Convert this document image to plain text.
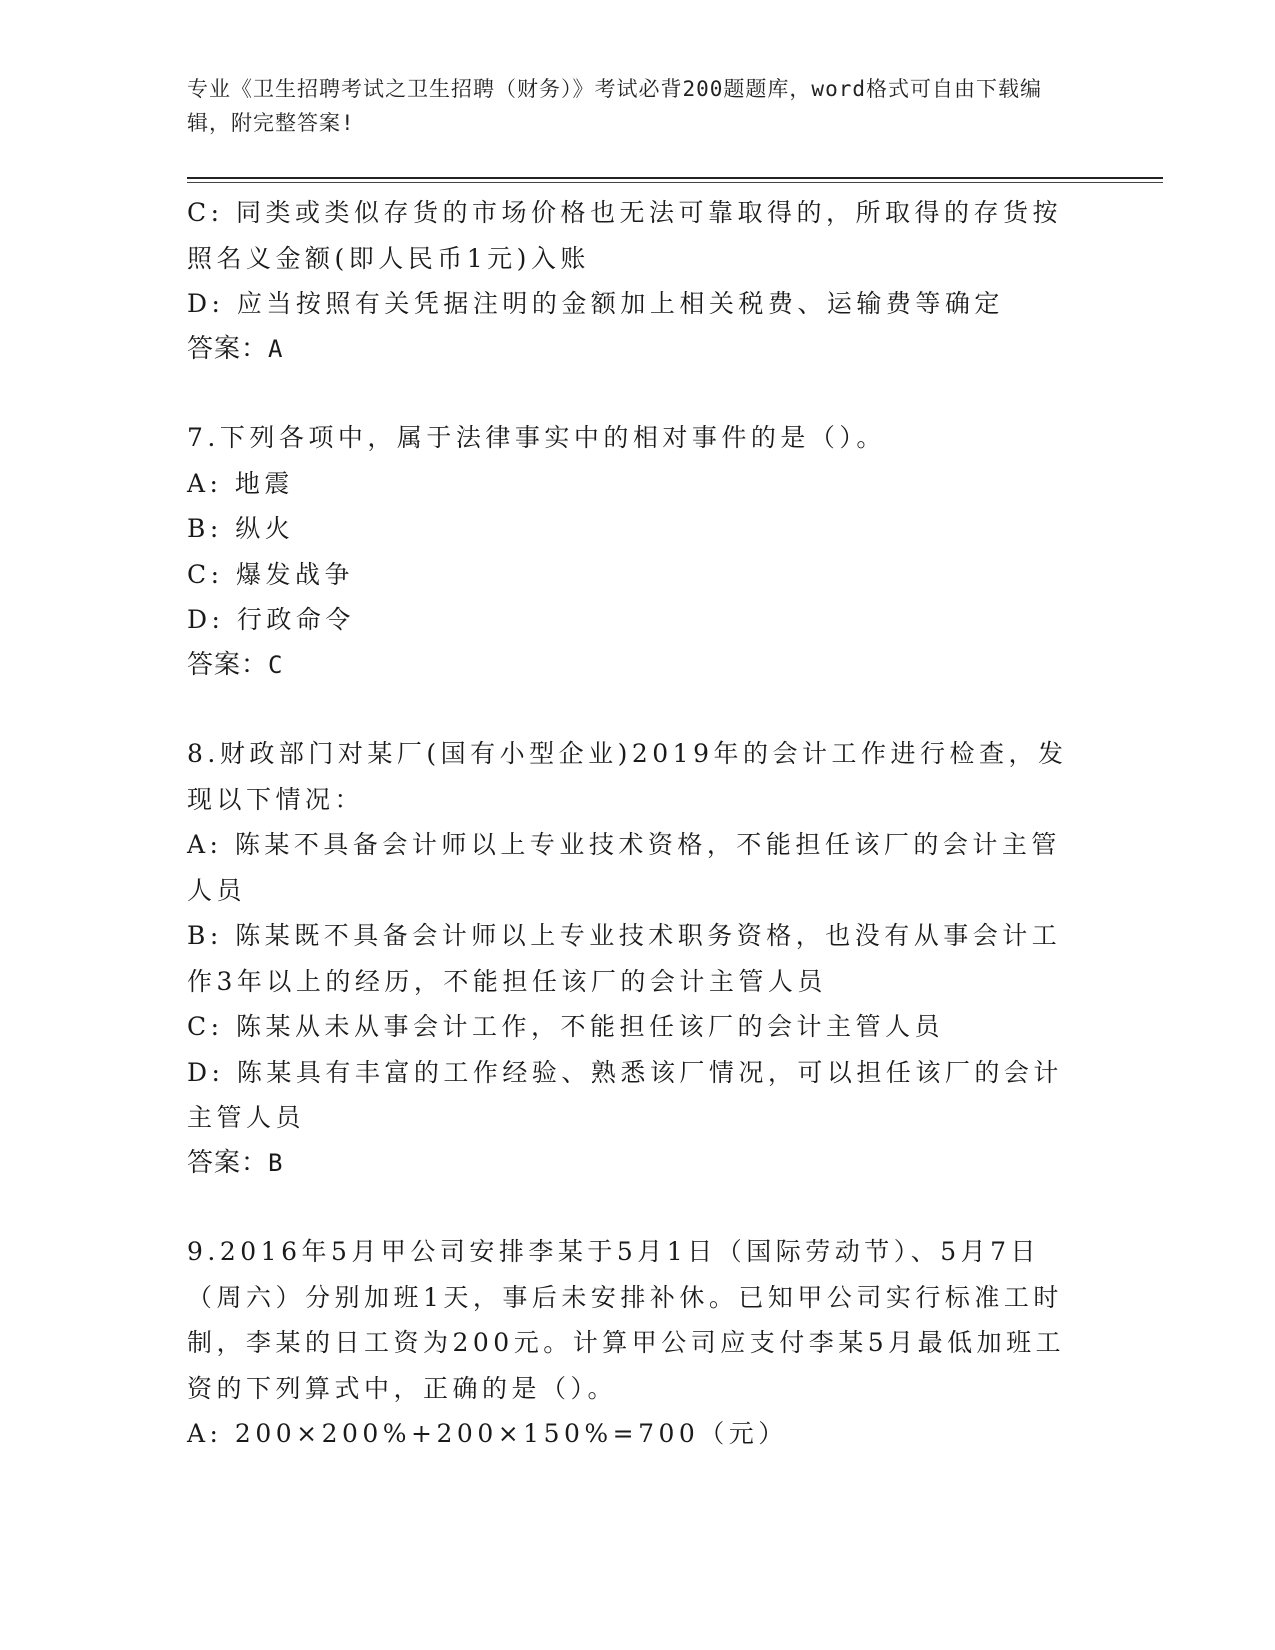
专业《卫生招聘考试之卫生招聘（财务）》考试必背200题题库，word格式可自由下载编辑，附完整答案!

C: 同类或类似存货的市场价格也无法可靠取得的，所取得的存货按照名义金额(即人民币1元)入账

D: 应当按照有关凭据注明的金额加上相关税费、运输费等确定

答案：A

7.下列各项中，属于法律事实中的相对事件的是（）。

A: 地震

B: 纵火

C: 爆发战争

D: 行政命令

答案：C

8.财政部门对某厂(国有小型企业)2019年的会计工作进行检查，发现以下情况：

A: 陈某不具备会计师以上专业技术资格，不能担任该厂的会计主管人员

B: 陈某既不具备会计师以上专业技术职务资格，也没有从事会计工作3年以上的经历，不能担任该厂的会计主管人员

C: 陈某从未从事会计工作，不能担任该厂的会计主管人员

D: 陈某具有丰富的工作经验、熟悉该厂情况，可以担任该厂的会计主管人员

答案：B

9.2016年5月甲公司安排李某于5月1日（国际劳动节）、5月7日（周六）分别加班1天，事后未安排补休。已知甲公司实行标准工时制，李某的日工资为200元。计算甲公司应支付李某5月最低加班工资的下列算式中，正确的是（）。

A: 200×200%+200×150%=700（元）
